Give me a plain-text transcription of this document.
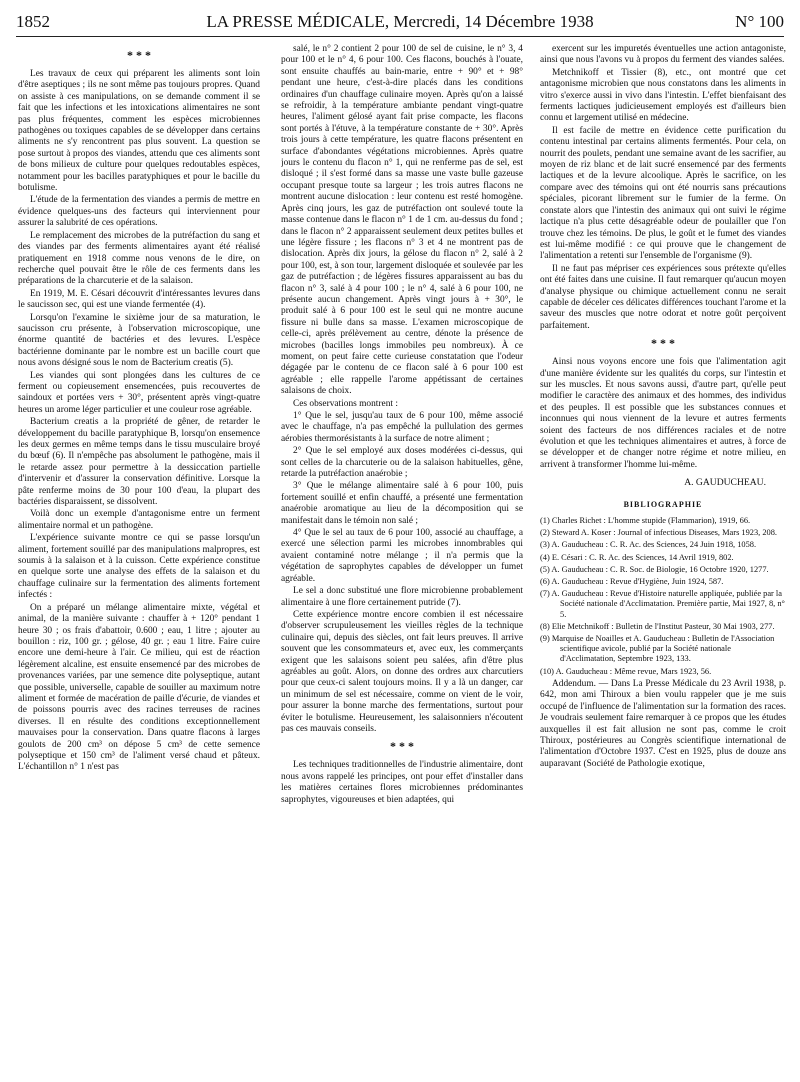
1852	LA PRESSE MÉDICALE, Mercredi, 14 Décembre 1938	N° 100
* * *

Les travaux de ceux qui préparent les aliments sont loin d'être aseptiques ; ils ne sont même pas toujours propres. Quand on assiste à ces manipulations, on se demande comment il se fait que les infections et les intoxications alimentaires ne sont pas plus fréquentes, comment les espèces microbiennes pathogènes ou toxiques capables de se développer dans certains aliments ne s'y rencontrent pas plus souvent. La question se pose surtout à propos des viandes, attendu que ces aliments sont de bons milieux de culture pour quelques redoutables espèces, notamment pour les bacilles paratyphiques et pour le bacille du botulisme.

L'étude de la fermentation des viandes a permis de mettre en évidence quelques-uns des facteurs qui interviennent pour assurer la salubrité de ces opérations.

Le remplacement des microbes de la putréfaction du sang et des viandes par des ferments alimentaires ayant été réalisé pratiquement en 1918 comme nous venons de le dire, on recherche quel pouvait être le rôle de ces ferments dans les préparations de la charcuterie et de la salaison.

En 1919, M. E. Césari découvrit d'intéressantes levures dans le saucisson sec, qui est une viande fermentée (4).

Lorsqu'on l'examine le sixième jour de sa maturation, le saucisson cru présente, à l'observation microscopique, une énorme quantité de bactéries et des levures. L'espèce bactérienne dominante par le nombre est un bacille court que nous avons désigné sous le nom de Bacterium creatis (5).

Les viandes qui sont plongées dans les cultures de ce ferment ou copieusement ensemencées, puis recouvertes de saindoux et portées vers + 30°, présentent après vingt-quatre heures un arome léger particulier et une couleur rose agréable.

Bacterium creatis a la propriété de gêner, de retarder le développement du bacille paratyphique B, lorsqu'on ensemence les deux germes en même temps dans le tissu musculaire broyé du bœuf (6). Il n'empêche pas absolument le pathogène, mais il le retarde assez pour permettre à la dessiccation partielle d'intervenir et d'assurer la conservation définitive. Lorsque la pâte renferme moins de 30 pour 100 d'eau, la plupart des bactéries disparaissent, se dissolvent.

Voilà donc un exemple d'antagonisme entre un ferment alimentaire normal et un pathogène.

L'expérience suivante montre ce qui se passe lorsqu'un aliment, fortement souillé par des manipulations malpropres, est soumis à la salaison et à la cuisson. Cette expérience constitue en quelque sorte une analyse des effets de la salaison et du chauffage culinaire sur la fermentation des aliments fortement infectés :

On a préparé un mélange alimentaire mixte, végétal et animal, de la manière suivante : chauffer à + 120° pendant 1 heure 30 ; os frais d'abattoir, 0.600 ; eau, 1 litre ; ajouter au bouillon : riz, 100 gr. ; gélose, 40 gr. ; eau 1 litre. Faire cuire encore une demi-heure à l'air. Ce milieu, qui est de réaction légèrement alcaline, est ensuite ensemencé par des microbes de provenances variées, par une semence dite polyseptique, autant que possible, universelle, capable de souiller au maximum notre aliment et formée de macération de paille d'écurie, de viandes et de poissons pourris avec des racines terreuses de racines diverses. Il en résulte des conditions exceptionnellement mauvaises pour la conservation. Dans quatre flacons à larges goulots de 200 cm³ on dépose 5 cm³ de cette semence polyseptique et 150 cm³ de l'aliment versé chaud et pâteux. L'échantillon n° 1 n'est pas

salé, le n° 2 contient 2 pour 100 de sel de cuisine, le n° 3, 4 pour 100 et le n° 4, 6 pour 100. Ces flacons, bouchés à l'ouate, sont ensuite chauffés au bain-marie, entre + 90° et + 98° pendant une heure, c'est-à-dire placés dans les conditions ordinaires d'un chauffage culinaire moyen. Après qu'on a laissé se refroidir, à la température ambiante pendant vingt-quatre heures, l'aliment gélosé ayant fait prise compacte, les flacons sont portés à l'étuve, à la température constante de + 30°. Après trois jours à cette température, les quatre flacons présentent en surface d'abondantes végétations microbiennes. Après quatre jours le contenu du flacon n° 1, qui ne renferme pas de sel, est disloqué ; il s'est formé dans sa masse une vaste bulle gazeuse occupant presque toute sa largeur ; les trois autres flacons ne montrent aucune dislocation : leur contenu est resté homogène. Après cinq jours, les gaz de putréfaction ont soulevé toute la masse contenue dans le flacon n° 1 de 1 cm. au-dessus du fond ; dans le flacon n° 2 apparaissent seulement deux petites bulles et une légère fissure ; les flacons n° 3 et 4 ne montrent pas de dislocation. Après dix jours, la gélose du flacon n° 2, salé à 2 pour 100, est, à son tour, largement disloquée et soulevée par les gaz de putréfaction ; de légères fissures apparaissent au bas du flacon n° 3, salé à 4 pour 100 ; le n° 4, salé à 6 pour 100, ne présente aucun changement. Après vingt jours à + 30°, le produit salé à 6 pour 100 est le seul qui ne montre aucune fissure ni bulle dans sa masse. L'examen microscopique de celle-ci, après prélèvement au centre, dénote la présence de microbes (bacilles longs immobiles peu nombreux). À ce moment, on peut faire cette curieuse constatation que l'odeur dégagée par le contenu de ce flacon salé à 6 pour 100 est agréable ; elle rappelle l'arome appétissant de certaines salaisons de choix.

Ces observations montrent :

1° Que le sel, jusqu'au taux de 6 pour 100, même associé avec le chauffage, n'a pas empêché la pullulation des germes aérobies thermorésistants à la surface de notre aliment ;

2° Que le sel employé aux doses modérées ci-dessus, qui sont celles de la charcuterie ou de la salaison habituelles, gêne, retarde la putréfaction anaérobie ;

3° Que le mélange alimentaire salé à 6 pour 100, puis fortement souillé et enfin chauffé, a présenté une fermentation anaérobie aromatique au lieu de la décomposition qui se manifestait dans le témoin non salé ;

4° Que le sel au taux de 6 pour 100, associé au chauffage, a exercé une sélection parmi les microbes innombrables qui avaient contaminé notre mélange ; il n'a permis que la végétation de saprophytes capables de développer un fumet agréable.

Le sel a donc substitué une flore microbienne probablement alimentaire à une flore certainement putride (7).

Cette expérience montre encore combien il est nécessaire d'observer scrupuleusement les vieilles règles de la technique culinaire qui, depuis des siècles, ont fait leurs preuves. Il arrive souvent que les consommateurs et, avec eux, les commerçants exigent que les salaisons soient peu salées, afin d'être plus agréables au goût. Alors, on donne des ordres aux charcutiers pour que ceux-ci salent toujours moins. Il y a là un danger, car un minimum de sel est nécessaire, comme on vient de le voir, pour assurer la bonne marche des fermentations, surtout pour éviter le botulisme. Heureusement, les salaisonniers n'écoutent pas ces mauvais conseils.

* * *

Les techniques traditionnelles de l'industrie alimentaire, dont nous avons rappelé les principes, ont pour effet d'installer dans les matières certaines flores microbiennes prédominantes saprophytes, vigoureuses et bien adaptées, qui

exercent sur les impuretés éventuelles une action antagoniste, ainsi que nous l'avons vu à propos du ferment des viandes salées.

Metchnikoff et Tissier (8), etc., ont montré que cet antagonisme microbien que nous constatons dans les aliments in vitro s'exerce aussi in vivo dans l'intestin. L'effet bienfaisant des ferments lactiques judicieusement employés est d'ailleurs bien connu et largement utilisé en médecine.

Il est facile de mettre en évidence cette purification du contenu intestinal par certains aliments fermentés. Pour cela, on nourrit des poulets, pendant une semaine avant de les sacrifier, au moyen de riz blanc et de lait sucré ensemencé par des ferments lactiques et de la levure alcoolique. Après le sacrifice, on les compare avec des témoins qui ont été nourris sans précautions spéciales, picorant librement sur le fumier de la ferme. On constate alors que l'intestin des animaux qui ont suivi le régime lactique n'a plus cette désagréable odeur de poulailler que l'on trouve chez les témoins. De plus, le goût et le fumet des viandes est lui-même modifié : ce qui prouve que le changement de l'alimentation a retenti sur l'ensemble de l'organisme (9).

Il ne faut pas mépriser ces expériences sous prétexte qu'elles ont été faites dans une cuisine. Il faut remarquer qu'aucun moyen d'analyse physique ou chimique actuellement connu ne serait capable de déceler ces délicates différences touchant l'arome et la saveur des muscles que notre odorat et notre goût perçoivent parfaitement.

* * *

Ainsi nous voyons encore une fois que l'alimentation agit d'une manière évidente sur les qualités du corps, sur l'intestin et sur les muscles. Et nous savons aussi, d'autre part, qu'elle peut modifier le caractère des animaux et des hommes, des individus et des peuples. Il est possible que les substances connues et inconnues qui nous viennent de la levure et autres ferments soient des facteurs de nos différences raciales et de notre évolution et que les techniques alimentaires et autres, à force de se développer et de changer notre régime et notre milieu, en arrivent à transformer l'homme lui-même.

A. GAUDUCHEAU.
BIBLIOGRAPHIE
(1) Charles Richet : L'homme stupide (Flammarion), 1919, 66.
(2) Steward A. Koser : Journal of infectious Diseases, Mars 1923, 208.
(3) A. Gauducheau : C. R. Ac. des Sciences, 24 Juin 1918, 1058.
(4) E. Césari : C. R. Ac. des Sciences, 14 Avril 1919, 802.
(5) A. Gauducheau : C. R. Soc. de Biologie, 16 Octobre 1920, 1277.
(6) A. Gauducheau : Revue d'Hygiène, Juin 1924, 587.
(7) A. Gauducheau : Revue d'Histoire naturelle appliquée, publiée par la Société nationale d'Acclimatation. Première partie, Mai 1927, 8, n° 5.
(8) Elie Metchnikoff : Bulletin de l'Institut Pasteur, 30 Mai 1903, 277.
(9) Marquise de Noailles et A. Gauducheau : Bulletin de l'Association scientifique avicole, publié par la Société nationale d'Acclimatation, Septembre 1923, 133.
(10) A. Gauducheau : Même revue, Mars 1923, 56.

Addendum. — Dans La Presse Médicale du 23 Avril 1938, p. 642, mon ami Thiroux a bien voulu rappeler que je me suis occupé de l'influence de l'alimentation sur la formation des races. Je voudrais seulement faire remarquer à ce propos que les études auxquelles il est fait allusion ne sont pas, comme le croit Thiroux, postérieures au Congrès scientifique international de l'alimentation d'Octobre 1937. C'est en 1925, plus de douze ans auparavant (Société de Pathologie exotique,
